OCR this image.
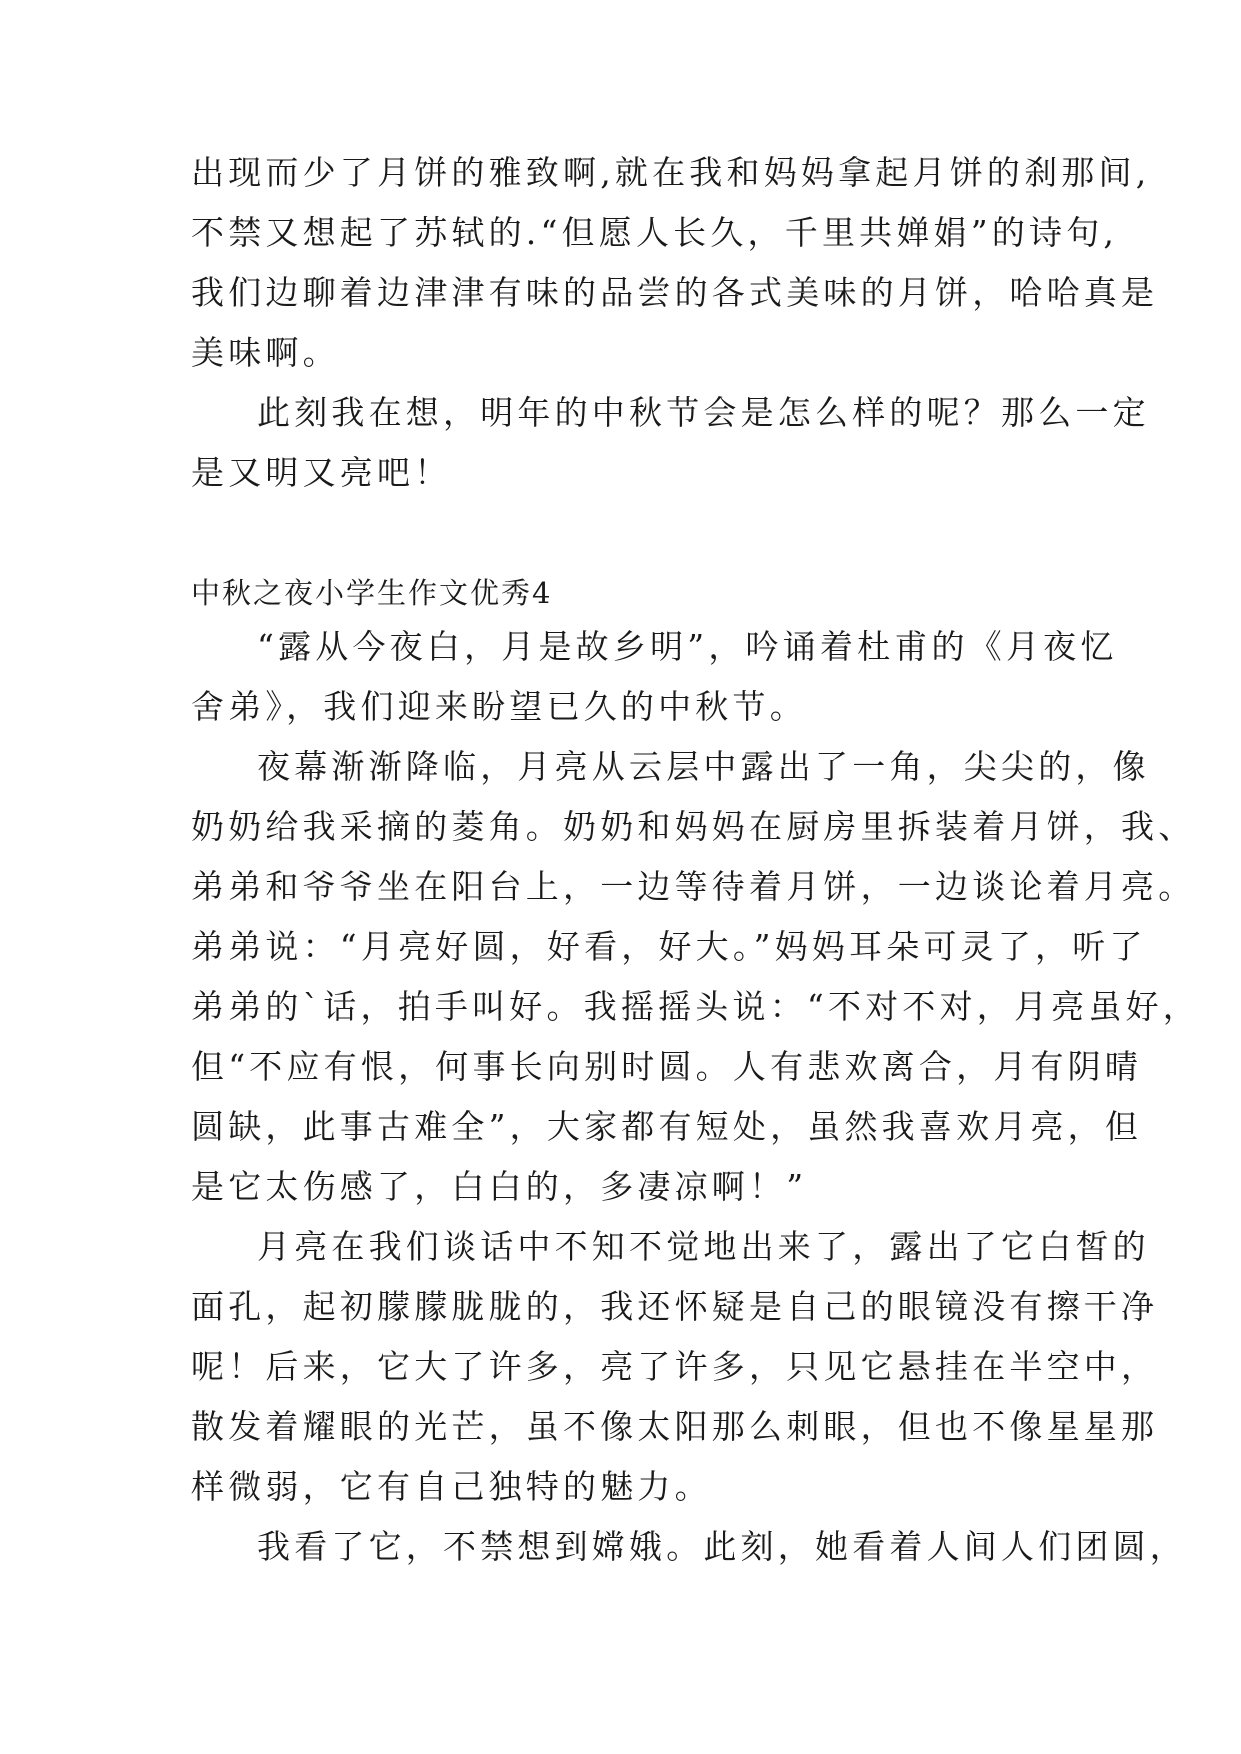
出现而少了月饼的雅致啊,就在我和妈妈拿起月饼的刹那间,
不禁又想起了苏轼的.“但愿人长久，千里共婵娟”的诗句,
我们边聊着边津津有味的品尝的各式美味的月饼，哈哈真是
美味啊。
此刻我在想，明年的中秋节会是怎么样的呢？那么一定
是又明又亮吧！
中秋之夜小学生作文优秀4
“露从今夜白，月是故乡明”，吟诵着杜甫的《月夜忆
舍弟》，我们迎来盼望已久的中秋节。
夜幕渐渐降临，月亮从云层中露出了一角，尖尖的，像
奶奶给我采摘的菱角。奶奶和妈妈在厨房里拆装着月饼，我、
弟弟和爷爷坐在阳台上，一边等待着月饼，一边谈论着月亮。
弟弟说：“月亮好圆，好看，好大。”妈妈耳朵可灵了，听了
弟弟的`话，拍手叫好。我摇摇头说：“不对不对，月亮虽好，
但“不应有恨，何事长向别时圆。人有悲欢离合，月有阴晴
圆缺，此事古难全”，大家都有短处，虽然我喜欢月亮，但
是它太伤感了，白白的，多凄凉啊！”
月亮在我们谈话中不知不觉地出来了，露出了它白皙的
面孔，起初朦朦胧胧的，我还怀疑是自己的眼镜没有擦干净
呢！后来，它大了许多，亮了许多，只见它悬挂在半空中，
散发着耀眼的光芒，虽不像太阳那么刺眼，但也不像星星那
样微弱，它有自己独特的魅力。
我看了它，不禁想到嫦娥。此刻，她看着人间人们团圆，
